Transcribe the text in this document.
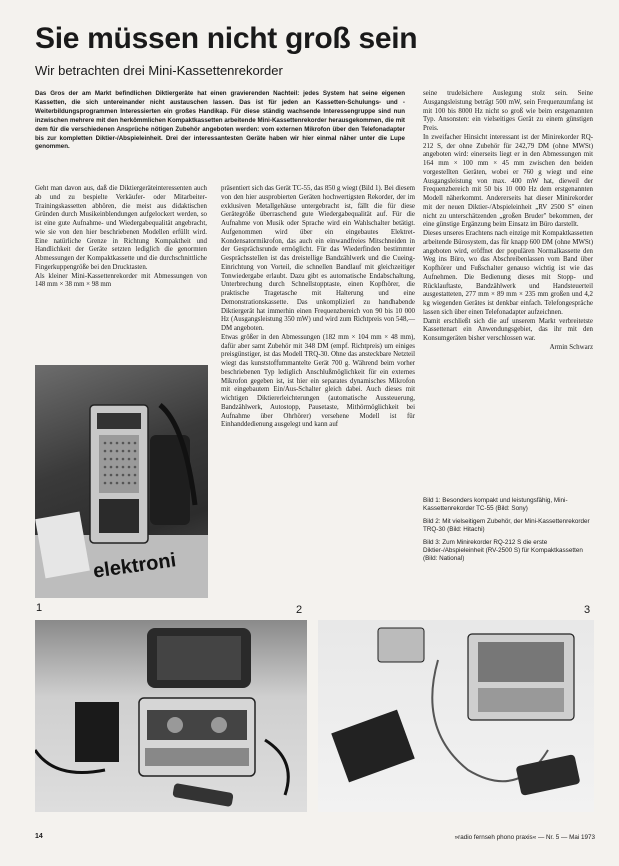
Sie müssen nicht groß sein
Wir betrachten drei Mini-Kassettenrekorder
Das Gros der am Markt befindlichen Diktiergeräte hat einen gravierenden Nachteil: jedes System hat seine eigenen Kassetten, die sich untereinander nicht austauschen lassen. Das ist für jeden an Kassetten-Schulungs- und -Weiterbildungsprogrammen Interessierten ein großes Handikap. Für diese ständig wachsende Interessengruppe sind nun inzwischen mehrere mit den herkömmlichen Kompaktkassetten arbeitende Mini-Kassettenrekorder herausgekommen, die mit dem für die verschiedenen Ansprüche nötigen Zubehör angeboten werden: vom externen Mikrofon über den Telefonadapter bis zur kompletten Diktier-/Abspieleinheit. Drei der interessantesten Geräte haben wir hier einmal näher unter die Lupe genommen.

Geht man davon aus, daß die Diktiergeräteinteressenten auch ab und zu bespielte Verkäufer- oder Mitarbeiter-Trainingskassetten abhören, die meist aus didaktischen Gründen durch Musikeinblendungen aufgelockert werden, so ist eine gute Aufnahme- und Wiedergabequalität angebracht, wie sie von den hier beschriebenen Modellen erfüllt wird. Eine natürliche Grenze in Richtung Kompaktheit und Handlichkeit der Geräte setzten lediglich die genormten Abmessungen der Kompaktkassette und die durchschnittliche Fingerkuppengröße bei den Drucktasten.

Als kleiner Mini-Kassettenrekorder mit Abmessungen von 148 mm × 38 mm × 98 mm

präsentiert sich das Gerät TC-55, das 850 g wiegt (Bild 1). Bei diesem von den hier ausprobierten Geräten hochwertigsten Rekorder, der im exklusiven Metallgehäuse untergebracht ist, fällt die für diese Gerätegröße überraschend gute Wiedergabequalität auf. Für die Aufnahme von Musik oder Sprache wird ein Wahlschalter betätigt. Aufgenommen wird über ein eingebautes Elektret-Kondensatormikrofon, das auch ein einwandfreies Mitschneiden in der Gesprächsrunde ermöglicht. Für das Wiederfinden bestimmter Gesprächsstellen ist das dreistellige Bandzählwerk und die Cueing-Einrichtung von Vorteil, die schnellen Bandlauf mit gleichzeitiger Tonwiedergabe erlaubt. Dazu gibt es automatische Endabschaltung, Unterbrechung durch Schnellstopptaste, einen Kopfhörer, die praktische Tragetasche mit Halterung und eine Demonstrationskassette. Das unkomplizierl zu handhabende Diktiergerät hat immerhin einen Frequenzbereich von 90 bis 10 000 Hz (Ausgangsleistung 350 mW) und wird zum Richtpreis von 548,— DM angeboten.

Etwas größer in den Abmessungen (182 mm × 104 mm × 48 mm), dafür aber samt Zubehör mit 348 DM (empf. Richtpreis) um einiges preisgünstiger, ist das Modell TRQ-30. Ohne das ansteckbare Netzteil wiegt das kunststoffummantelte Gerät 700 g. Während beim vorher beschriebenen Typ lediglich Anschlußmöglichkeit für ein externes Mikrofon gegeben ist, ist hier ein separates dynamisches Mikrofon mit eingebautem Ein/Aus-Schalter gleich dabei. Auch dieses mit wichtigen Diktiererleichterungen (automatische Aussteuerung, Bandzählwerk, Autostopp, Pausetaste, Mithörmöglichkeit bei Aufnahme über Ohrhörer) versehene Modell ist für Einhanddedienung ausgelegt und kann auf

seine trudelsichere Auslegung stolz sein. Seine Ausgangsleistung beträgt 500 mW, sein Frequenzumfang ist mit 100 bis 8000 Hz nicht so groß wie beim erstgenannten Typ. Ansonsten: ein vielseitiges Gerät zu einem günstigen Preis.

In zweifacher Hinsicht interessant ist der Minirekorder RQ-212 S, der ohne Zubehör für 242,79 DM (ohne MWSt) angeboten wird: einerseits liegt er in den Abmessungen mit 164 mm × 100 mm × 45 mm zwischen den beiden vorgestellten Geräten, wobei er 760 g wiegt und eine Ausgangsleistung von max. 400 mW hat, dieweil der Frequenzbereich mit 50 bis 10 000 Hz dem erstgenannten Modell näherkommt. Andererseits hat dieser Minirekorder mit der neuen Diktier-/Abspieleinheit „RV 2500 S" einen nicht zu unterschätzenden „großen Bruder" bekommen, der eine günstige Ergänzung beim Einsatz im Büro darstellt.

Dieses unseres Erachtens nach einzige mit Kompaktkassetten arbeitende Bürosystem, das für knapp 600 DM (ohne MWSt) angeboten wird, eröffnet der populären Normalkassette den Weg ins Büro, wo das Abschreibenlassen vom Band über Kopfhörer und Fußschalter genauso wichtig ist wie das Aufnehmen. Die Bedienung dieses mit Stopp- und Rücklauftaste, Bandzählwerk und Handsteuerteil ausgestatteten, 277 mm × 89 mm × 235 mm großen und 4,2 kg wiegenden Gerätes ist denkbar einfach. Telefongespräche lassen sich über einen Telefonadapter aufzeichnen.

Damit erschließt sich die auf unserem Markt verbreitetste Kassettenart ein Anwendungsgebiet, das ihr mit den Konsumgeräten bisher verschlossen war.

Armin Schwarz

Bild 1: Besonders kompakt und leistungsfähig, Mini-Kassettenrekorder TC-55 (Bild: Sony)

Bild 2: Mit vielseitigem Zubehör, der Mini-Kassettenrekorder TRQ-30 (Bild: Hitachi)

Bild 3: Zum Minirekorder RQ-212 S die erste Diktier-/Abspieleinheit (RV-2500 S) für Kompaktkassetten (Bild: National)

elektroni
1	2	3
14	»radio fernseh phono praxis« — Nr. 5 — Mai 1973
